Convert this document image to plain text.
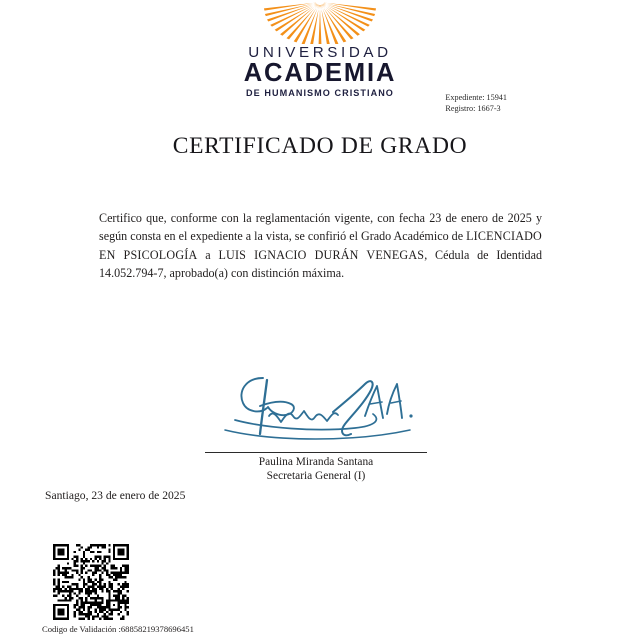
UNIVERSIDAD
ACADEMIA
DE HUMANISMO CRISTIANO	Expediente: 15941
Registro: 1667-3
CERTIFICADO DE GRADO

Certifico que, conforme con la reglamentación vigente, con fecha 23 de enero de 2025 y según consta en el expediente a la vista, se confirió el Grado Académico de LICENCIADO EN PSICOLOGÍA a LUIS IGNACIO DURÁN VENEGAS, Cédula de Identidad 14.052.794-7, aprobado(a) con distinción máxima.

Paulina Miranda Santana
Secretaria General (I)
Santiago, 23 de enero de 2025
Codigo de Validación :68858219378696451
